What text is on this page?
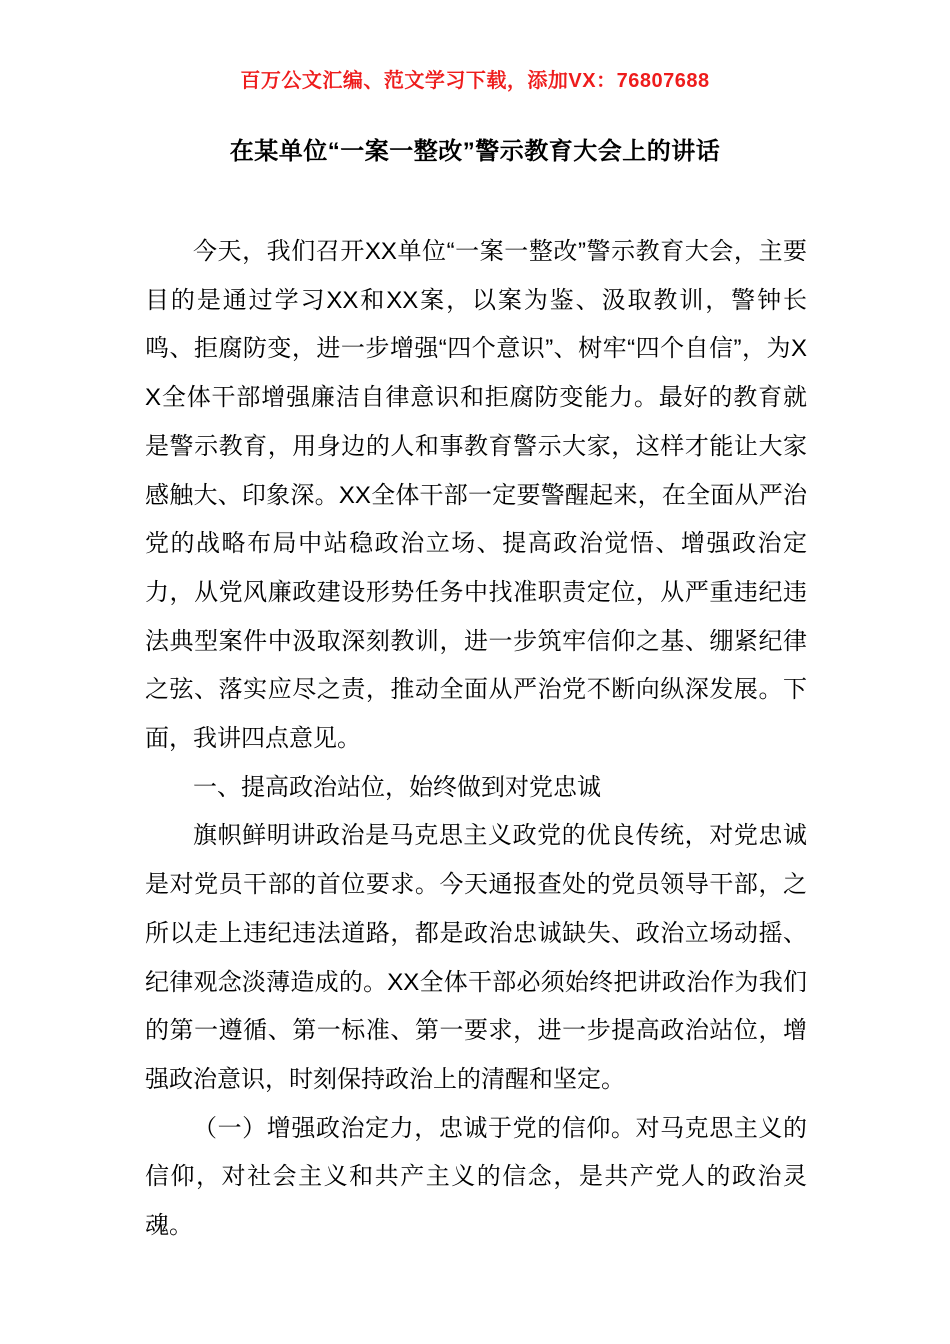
百万公文汇编、范文学习下载，添加VX：76807688
在某单位“一案一整改”警示教育大会上的讲话

今天，我们召开XX单位“一案一整改”警示教育大会，主要目的是通过学习XX和XX案，以案为鉴、汲取教训，警钟长鸣、拒腐防变，进一步增强“四个意识”、树牢“四个自信”，为XX全体干部增强廉洁自律意识和拒腐防变能力。最好的教育就是警示教育，用身边的人和事教育警示大家，这样才能让大家感触大、印象深。XX全体干部一定要警醒起来，在全面从严治党的战略布局中站稳政治立场、提高政治觉悟、增强政治定力，从党风廉政建设形势任务中找准职责定位，从严重违纪违法典型案件中汲取深刻教训，进一步筑牢信仰之基、绷紧纪律之弦、落实应尽之责，推动全面从严治党不断向纵深发展。下面，我讲四点意见。

一、提高政治站位，始终做到对党忠诚

旗帜鲜明讲政治是马克思主义政党的优良传统，对党忠诚是对党员干部的首位要求。今天通报查处的党员领导干部，之所以走上违纪违法道路，都是政治忠诚缺失、政治立场动摇、纪律观念淡薄造成的。XX全体干部必须始终把讲政治作为我们的第一遵循、第一标准、第一要求，进一步提高政治站位，增强政治意识，时刻保持政治上的清醒和坚定。

（一）增强政治定力，忠诚于党的信仰。对马克思主义的信仰，对社会主义和共产主义的信念，是共产党人的政治灵魂。
